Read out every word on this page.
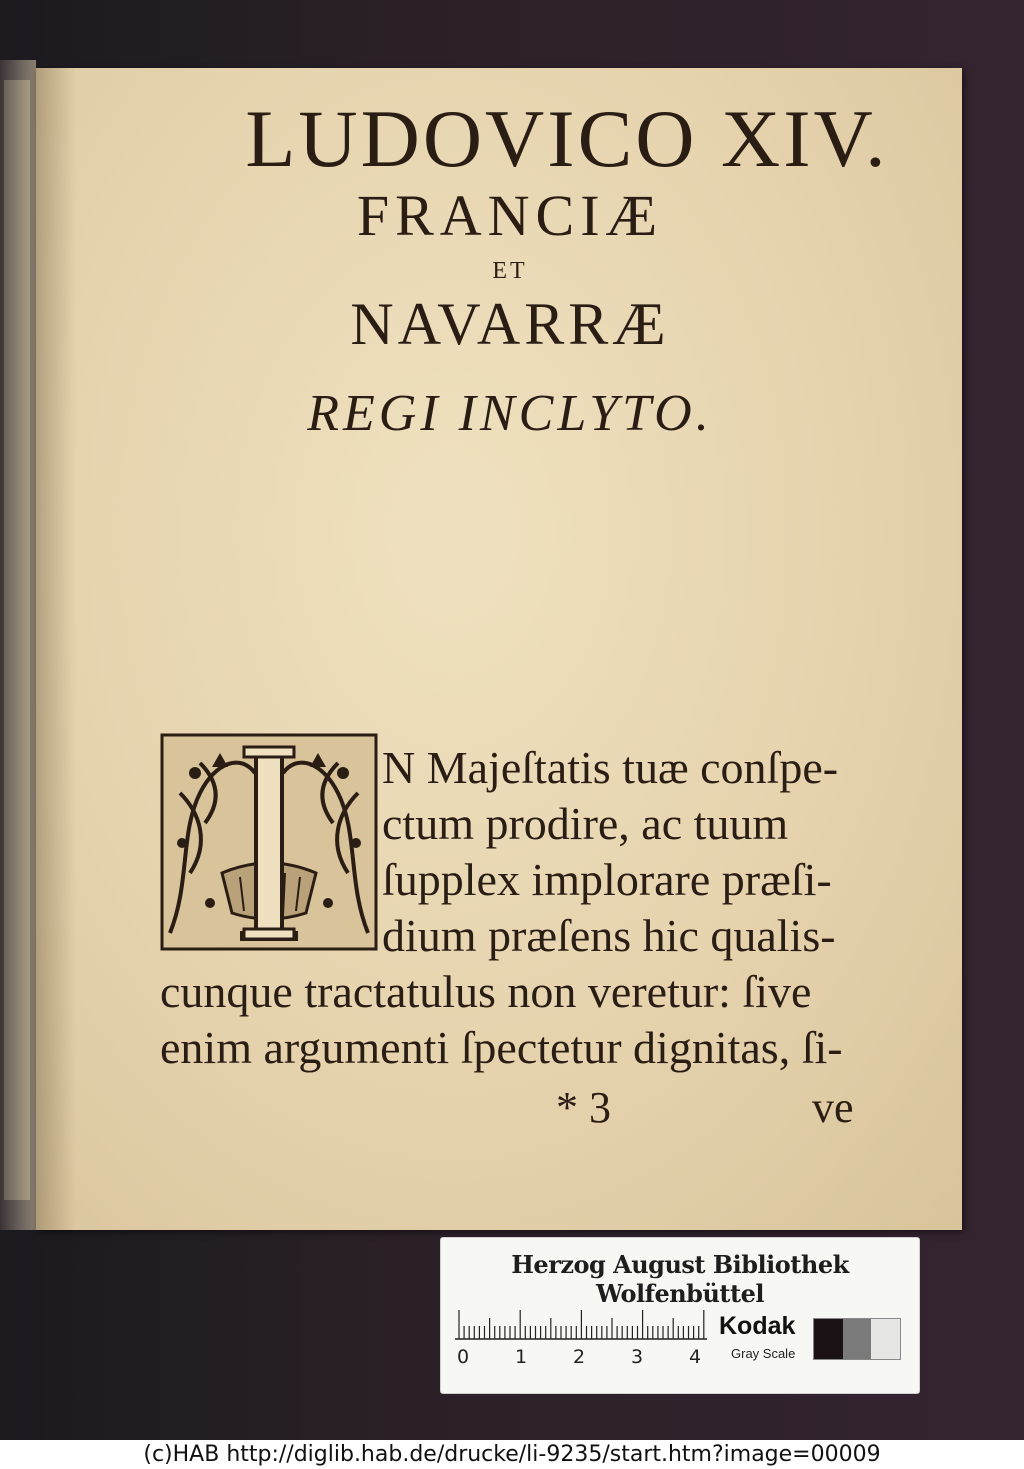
LUDOVICO XIV.
FRANCIÆ
ET
NAVARRÆ
REGI INCLYTO.
I
N Majeſtatis tuæ conſpe-
ctum prodire, ac tuum
ſupplex implorare præſi-
dium præſens hic qualis-
cunque tractatulus non veretur: ſive
enim argumenti ſpectetur dignitas, ſi-
* 3	ve
Herzog August Bibliothek Wolfenbüttel
0 1 2 3 4
Kodak
Gray Scale
(c)HAB http://diglib.hab.de/drucke/li-9235/start.htm?image=00009
